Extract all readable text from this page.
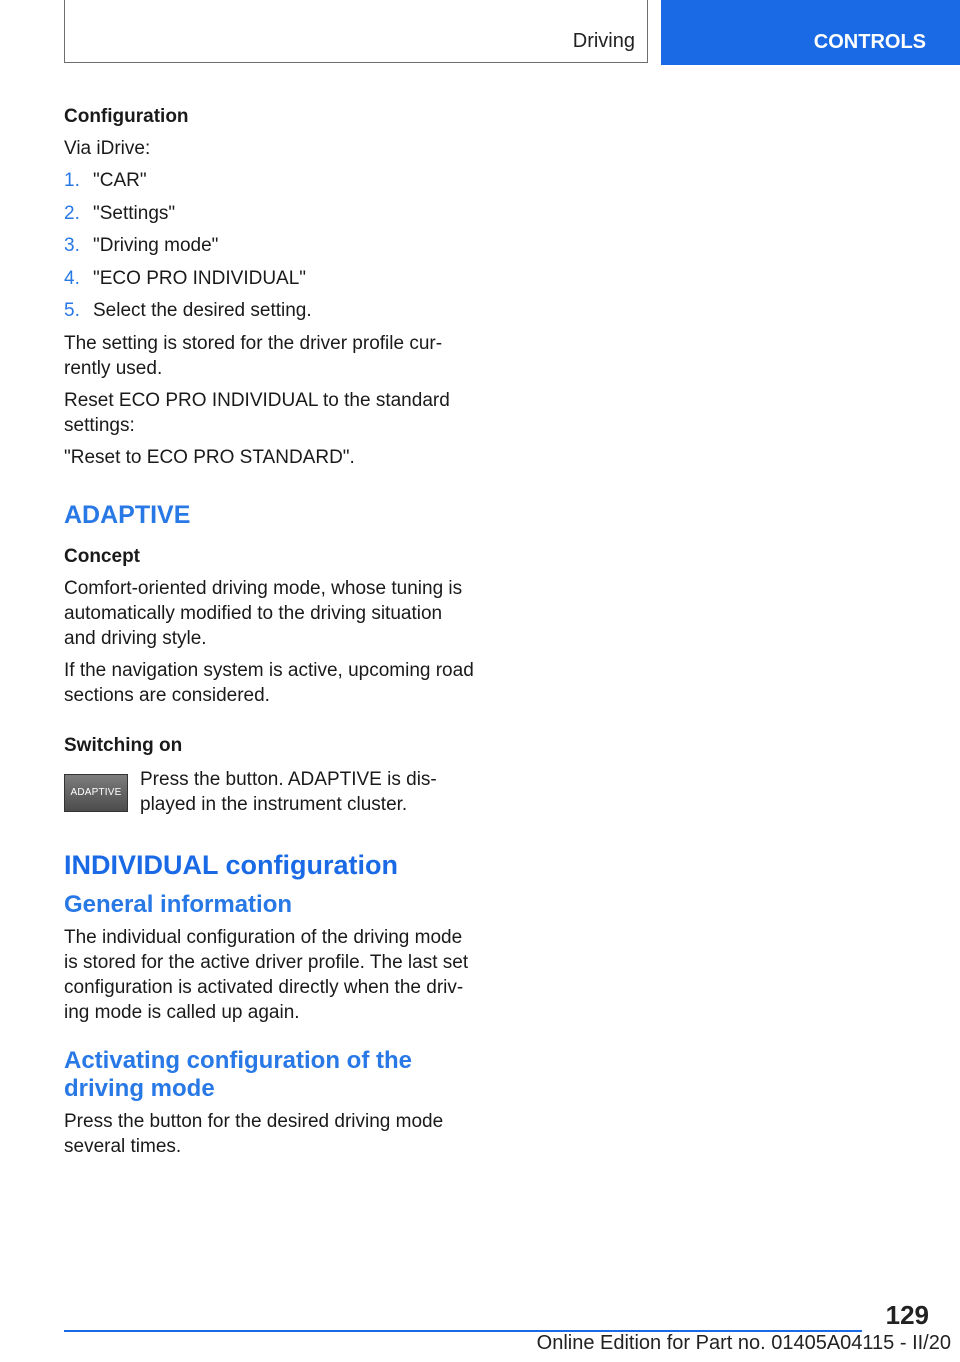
Driving	CONTROLS
Configuration

Via iDrive:

1. "CAR"
2. "Settings"
3. "Driving mode"
4. "ECO PRO INDIVIDUAL"
5. Select the desired setting.

The setting is stored for the driver profile cur-rently used.

Reset ECO PRO INDIVIDUAL to the standard settings:

"Reset to ECO PRO STANDARD".

ADAPTIVE
Concept

Comfort-oriented driving mode, whose tuning is automatically modified to the driving situation and driving style.

If the navigation system is active, upcoming road sections are considered.

Switching on
ADAPTIVE
Press the button. ADAPTIVE is dis-played in the instrument cluster.
INDIVIDUAL configuration
General information

The individual configuration of the driving mode is stored for the active driver profile. The last set configuration is activated directly when the driv-ing mode is called up again.

Activating configuration of the driving mode

Press the button for the desired driving mode several times.

129
Online Edition for Part no. 01405A04115 - II/20
